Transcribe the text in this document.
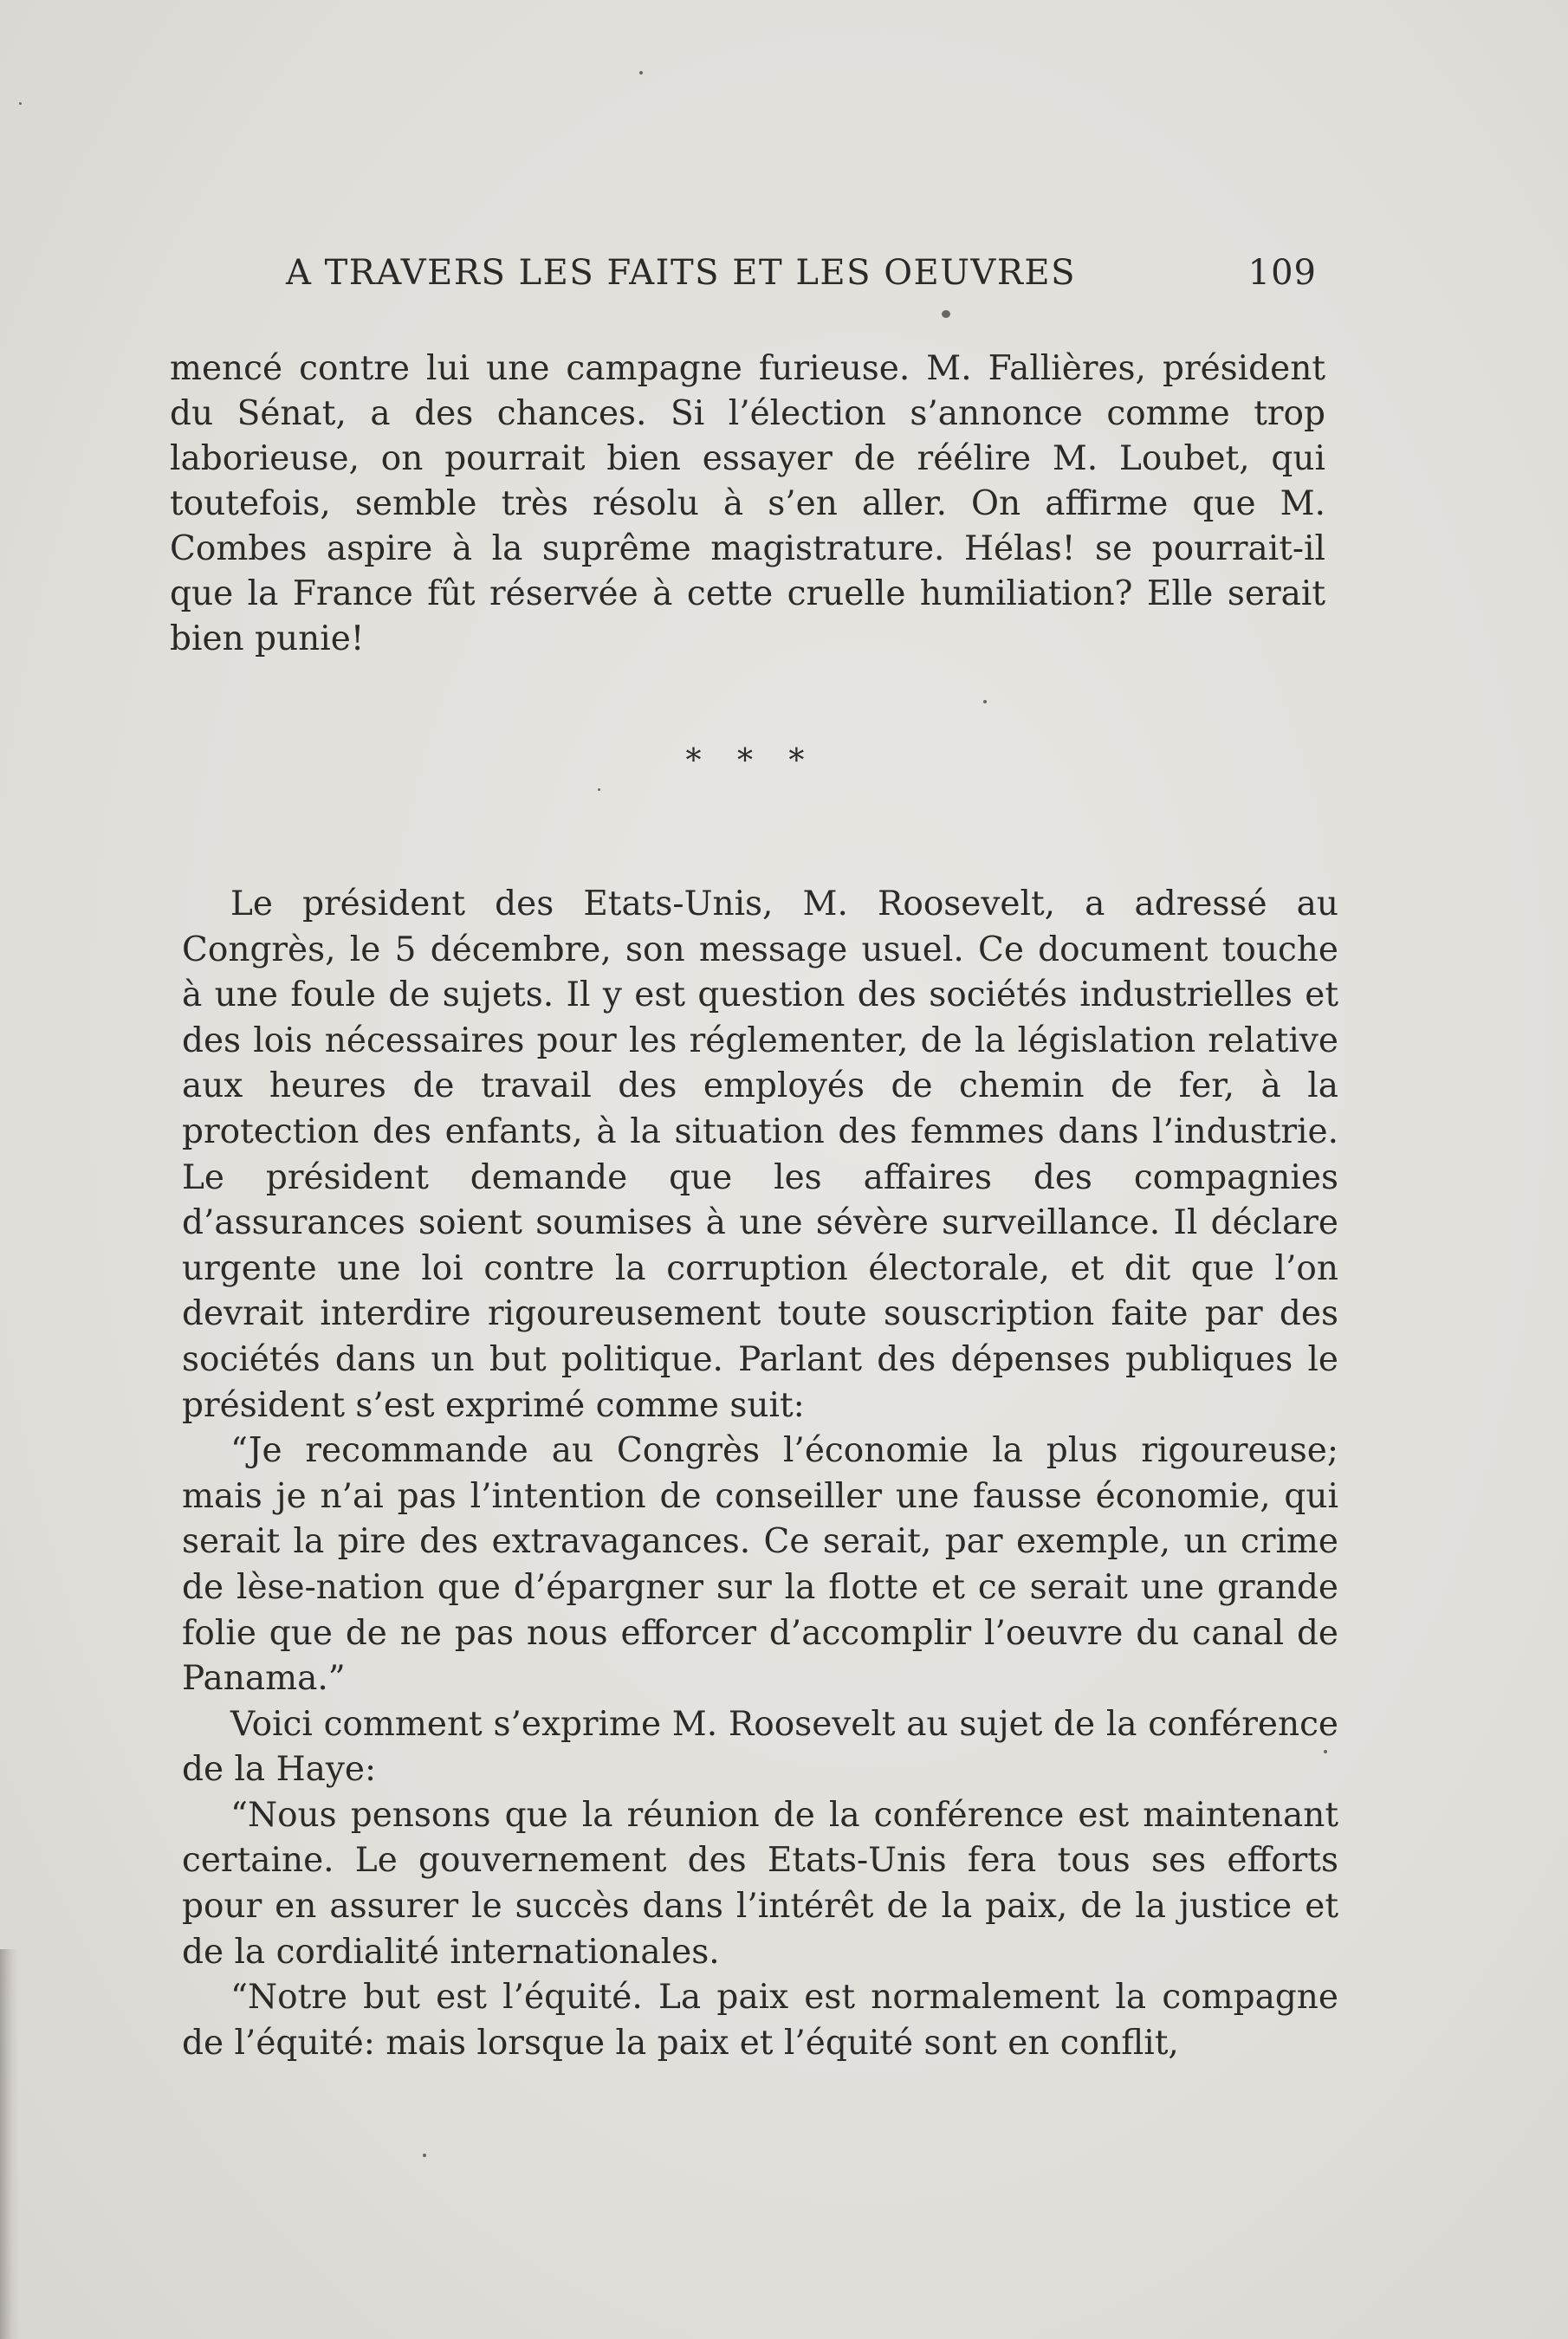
A TRAVERS LES FAITS ET LES OEUVRES	109
mencé contre lui une campagne furieuse. M. Fallières, président du Sénat, a des chances. Si l’élection s’annonce comme trop laborieuse, on pourrait bien essayer de réélire M. Loubet, qui toutefois, semble très résolu à s’en aller. On affirme que M. Combes aspire à la suprême magistrature. Hélas! se pourrait-il que la France fût réservée à cette cruelle humiliation? Elle serait bien punie!
* * *

Le président des Etats-Unis, M. Roosevelt, a adressé au Congrès, le 5 décembre, son message usuel. Ce document touche à une foule de sujets. Il y est question des sociétés industrielles et des lois nécessaires pour les réglementer, de la législation relative aux heures de travail des employés de chemin de fer, à la protection des enfants, à la situation des femmes dans l’industrie. Le président demande que les affaires des compagnies d’assurances soient soumises à une sévère surveillance. Il déclare urgente une loi contre la corruption électorale, et dit que l’on devrait interdire rigoureusement toute souscription faite par des sociétés dans un but politique. Parlant des dépenses publiques le président s’est exprimé comme suit:

“Je recommande au Congrès l’économie la plus rigoureuse; mais je n’ai pas l’intention de conseiller une fausse économie, qui serait la pire des extravagances. Ce serait, par exemple, un crime de lèse-nation que d’épargner sur la flotte et ce serait une grande folie que de ne pas nous efforcer d’accomplir l’oeuvre du canal de Panama.”

Voici comment s’exprime M. Roosevelt au sujet de la conférence de la Haye:

“Nous pensons que la réunion de la conférence est maintenant certaine. Le gouvernement des Etats-Unis fera tous ses efforts pour en assurer le succès dans l’intérêt de la paix, de la justice et de la cordialité internationales.

“Notre but est l’équité. La paix est normalement la compagne de l’équité: mais lorsque la paix et l’équité sont en conflit,
